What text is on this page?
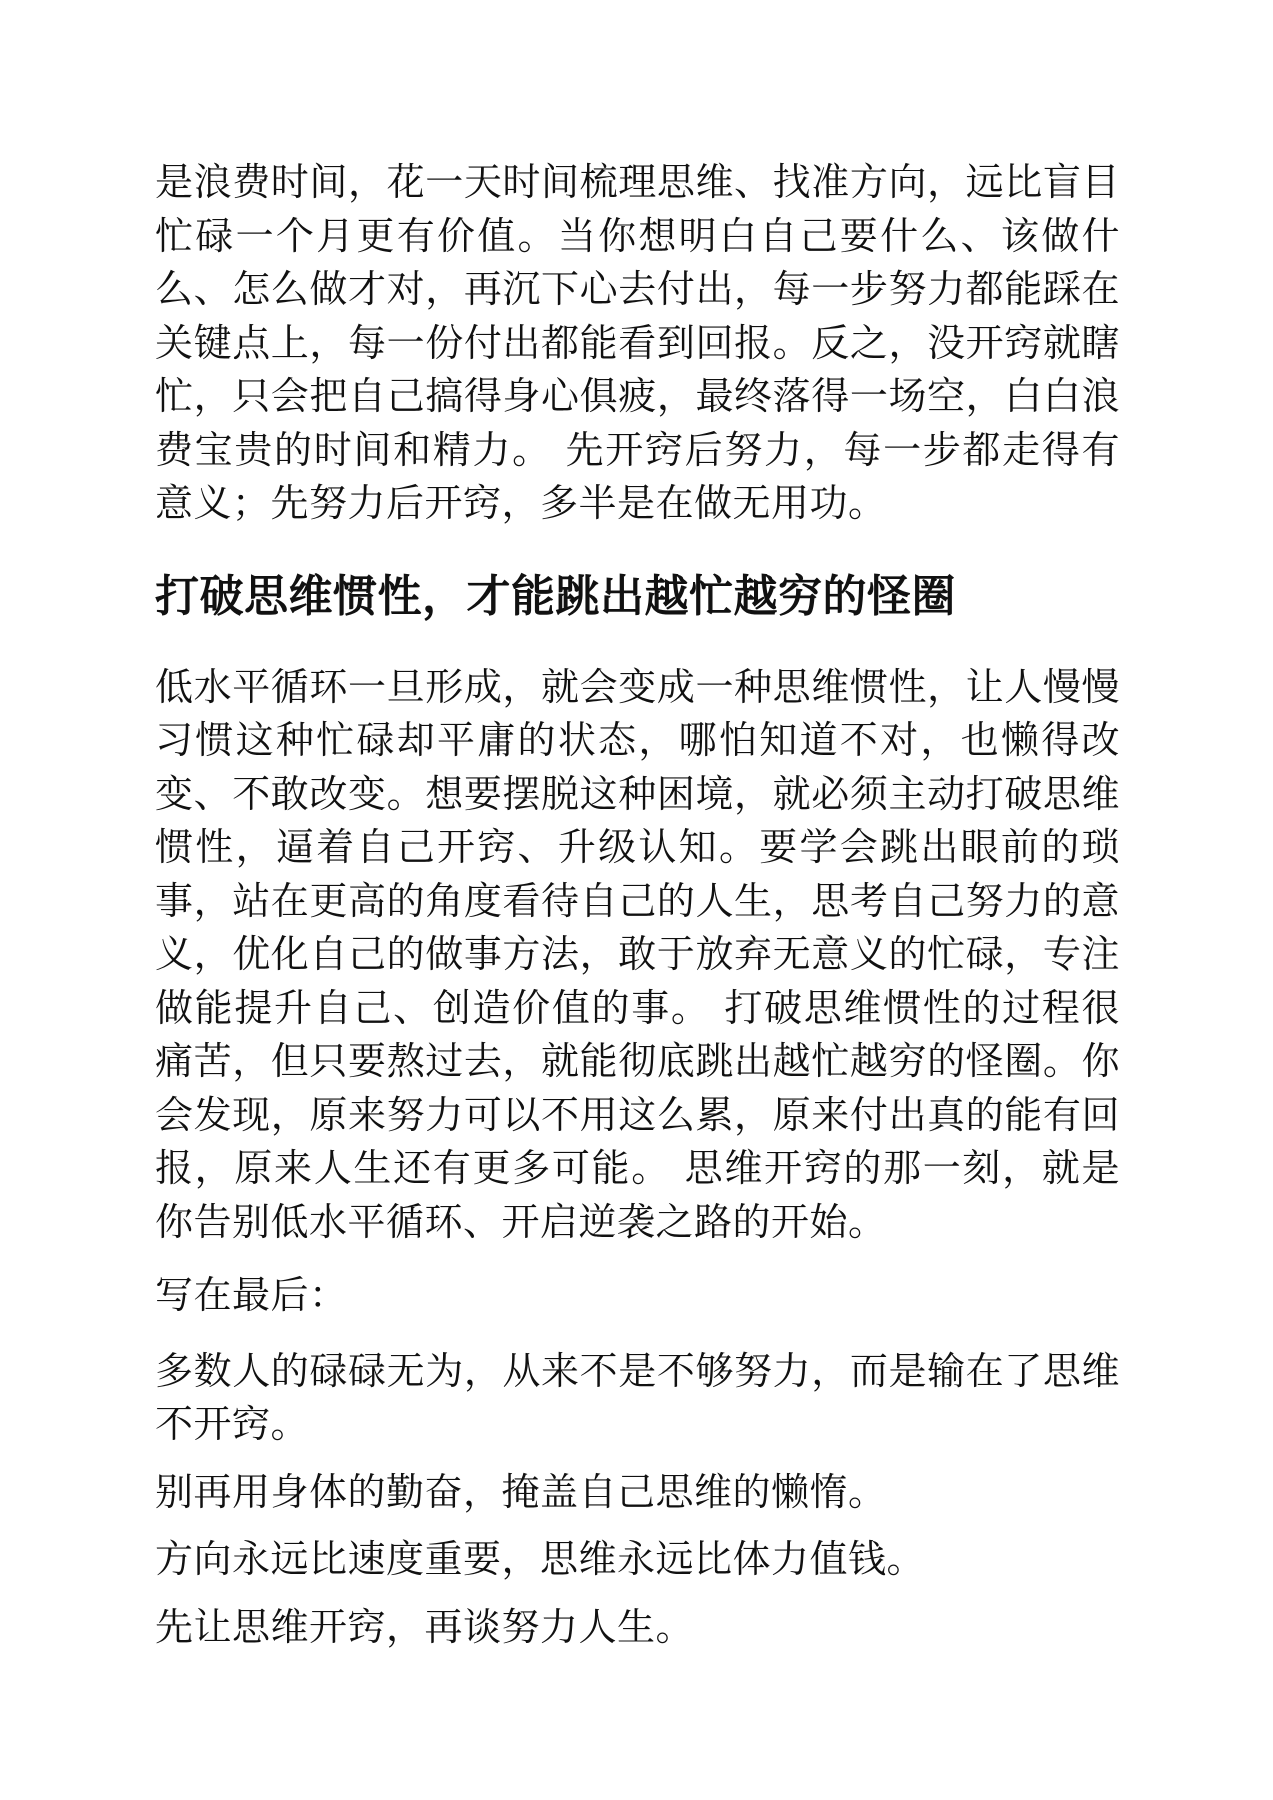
是浪费时间，花一天时间梳理思维、找准方向，远比盲目忙碌一个月更有价值。当你想明白自己要什么、该做什么、怎么做才对，再沉下心去付出，每一步努力都能踩在关键点上，每一份付出都能看到回报。反之，没开窍就瞎忙，只会把自己搞得身心俱疲，最终落得一场空，白白浪费宝贵的时间和精力。 先开窍后努力，每一步都走得有意义；先努力后开窍，多半是在做无用功。

打破思维惯性，才能跳出越忙越穷的怪圈

低水平循环一旦形成，就会变成一种思维惯性，让人慢慢习惯这种忙碌却平庸的状态，哪怕知道不对，也懒得改变、不敢改变。想要摆脱这种困境，就必须主动打破思维惯性，逼着自己开窍、升级认知。要学会跳出眼前的琐事，站在更高的角度看待自己的人生，思考自己努力的意义，优化自己的做事方法，敢于放弃无意义的忙碌，专注做能提升自己、创造价值的事。 打破思维惯性的过程很痛苦，但只要熬过去，就能彻底跳出越忙越穷的怪圈。你会发现，原来努力可以不用这么累，原来付出真的能有回报，原来人生还有更多可能。 思维开窍的那一刻，就是你告别低水平循环、开启逆袭之路的开始。

写在最后：

多数人的碌碌无为，从来不是不够努力，而是输在了思维不开窍。

别再用身体的勤奋，掩盖自己思维的懒惰。

方向永远比速度重要，思维永远比体力值钱。

先让思维开窍，再谈努力人生。
